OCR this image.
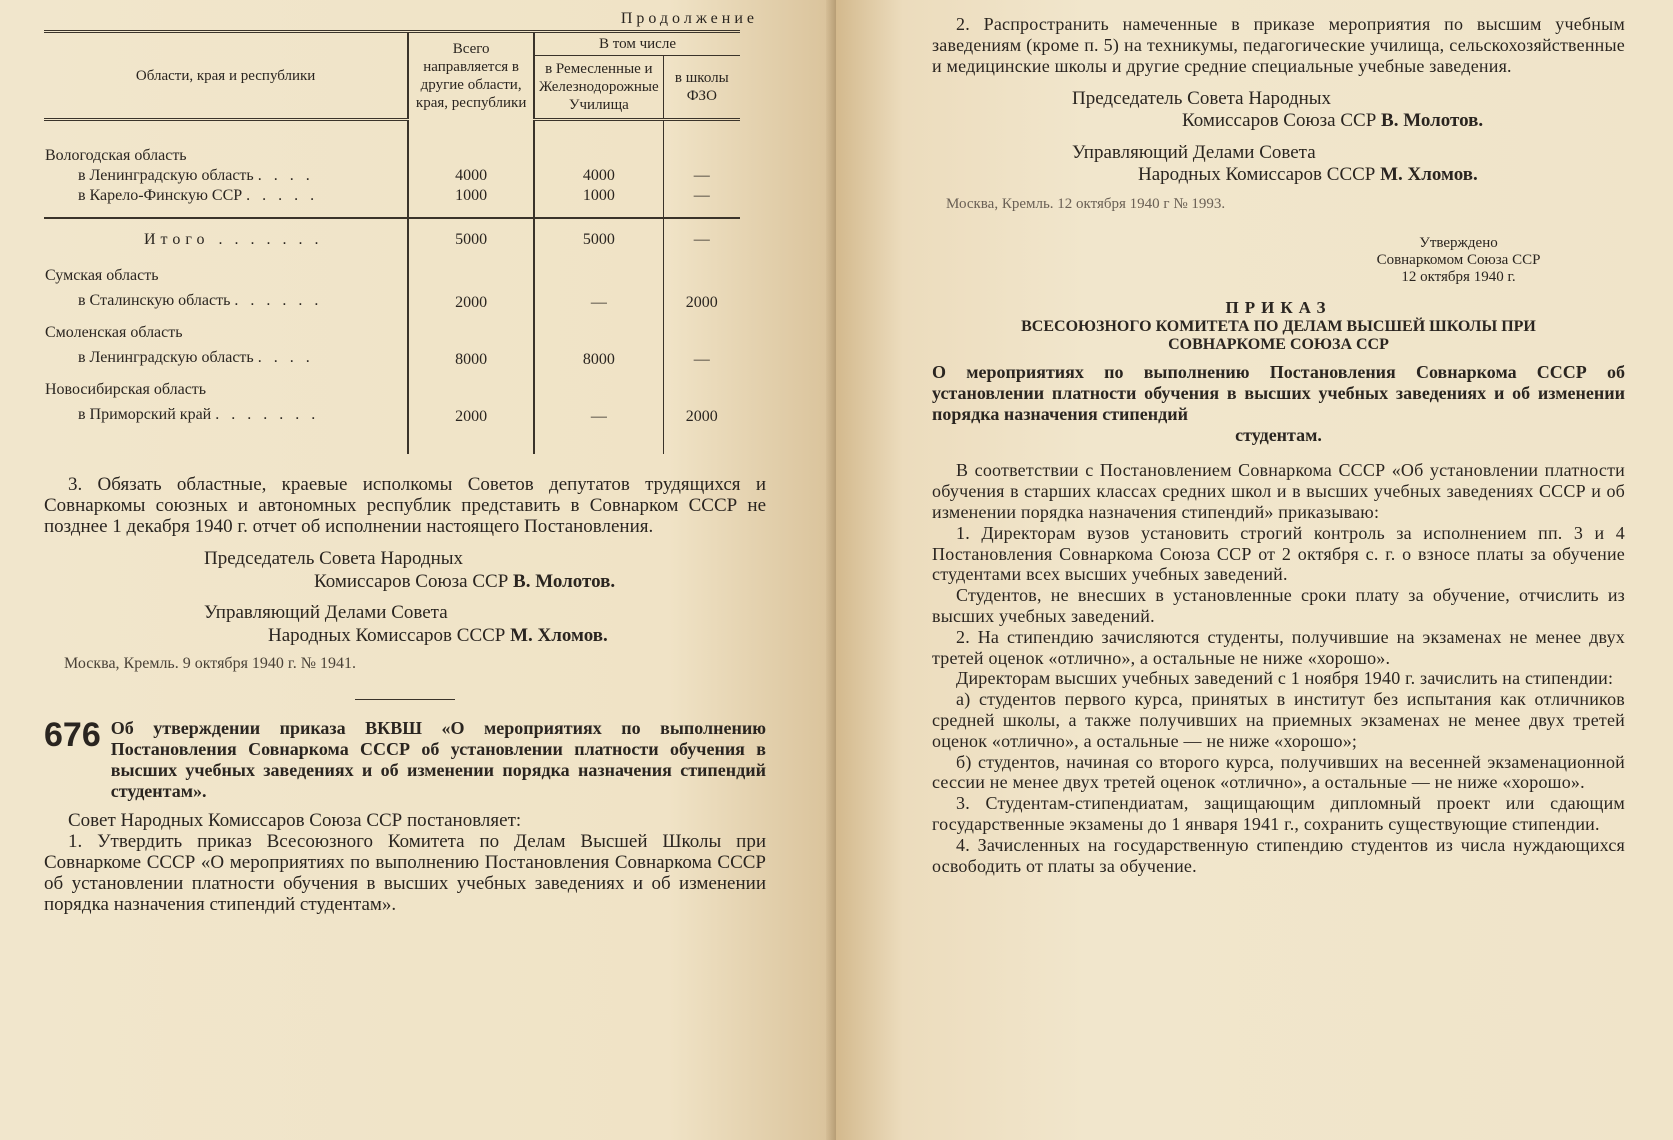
Продолжение
Области, края и республики	Всего направляется в другие области, края, республики	В том числе	
		в Ремесленные и Железнодорожные Училища	в школы ФЗО
Вологодская область			
в Ленинградскую область . . . .	4000	4000	—
в Карело-Финскую ССР . . . . .	1000	1000	—
Итого . . . . . . .	5000	5000	—
Сумская область			
в Сталинскую область . . . . . .	2000	—	2000
Смоленская область			
в Ленинградскую область . . . .	8000	8000	—
Новосибирская область			
в Приморский край . . . . . . .	2000	—	2000

3. Обязать областные, краевые исполкомы Советов депутатов трудящихся и Совнаркомы союзных и автономных республик представить в Совнарком СССР не позднее 1 декабря 1940 г. отчет об исполнении настоящего Постановления.

Председатель Совета Народных
Комиссаров Союза ССР В. Молотов.
Управляющий Делами Совета
Народных Комиссаров СССР М. Хломов.
Москва, Кремль. 9 октября 1940 г. № 1941.
676 Об утверждении приказа ВКВШ «О мероприятиях по выполнению Постановления Совнаркома СССР об установлении платности обучения в высших учебных заведениях и об изменении порядка назначения стипендий студентам».

Совет Народных Комиссаров Союза ССР постановляет:

1. Утвердить приказ Всесоюзного Комитета по Делам Высшей Школы при Совнаркоме СССР «О мероприятиях по выполнению Постановления Совнаркома СССР об установлении платности обучения в высших учебных заведениях и об изменении порядка назначения стипендий студентам».

2. Распространить намеченные в приказе мероприятия по высшим учебным заведениям (кроме п. 5) на техникумы, педагогические училища, сельскохозяйственные и медицинские школы и другие средние специальные учебные заведения.

Председатель Совета Народных
Комиссаров Союза ССР В. Молотов.
Управляющий Делами Совета
Народных Комиссаров СССР М. Хломов.
Москва, Кремль. 12 октября 1940 г № 1993.
Утверждено
Совнаркомом Союза ССР
12 октября 1940 г.
ПРИКАЗ
ВСЕСОЮЗНОГО КОМИТЕТА ПО ДЕЛАМ ВЫСШЕЙ ШКОЛЫ ПРИ СОВНАРКОМЕ СОЮЗА ССР
О мероприятиях по выполнению Постановления Совнаркома СССР об установлении платности обучения в высших учебных заведениях и об изменении порядка назначения стипендий
студентам.

В соответствии с Постановлением Совнаркома СССР «Об установлении платности обучения в старших классах средних школ и в высших учебных заведениях СССР и об изменении порядка назначения стипендий» приказываю:

1. Директорам вузов установить строгий контроль за исполнением пп. 3 и 4 Постановления Совнаркома Союза ССР от 2 октября с. г. о взносе платы за обучение студентами всех высших учебных заведений.

Студентов, не внесших в установленные сроки плату за обучение, отчислить из высших учебных заведений.

2. На стипендию зачисляются студенты, получившие на экзаменах не менее двух третей оценок «отлично», а остальные не ниже «хорошо».

Директорам высших учебных заведений с 1 ноября 1940 г. зачислить на стипендии:

а) студентов первого курса, принятых в институт без испытания как отличников средней школы, а также получивших на приемных экзаменах не менее двух третей оценок «отлично», а остальные — не ниже «хорошо»;

б) студентов, начиная со второго курса, получивших на весенней экзаменационной сессии не менее двух третей оценок «отлично», а остальные — не ниже «хорошо».

3. Студентам-стипендиатам, защищающим дипломный проект или сдающим государственные экзамены до 1 января 1941 г., сохранить существующие стипендии.

4. Зачисленных на государственную стипендию студентов из числа нуждающихся освободить от платы за обучение.
